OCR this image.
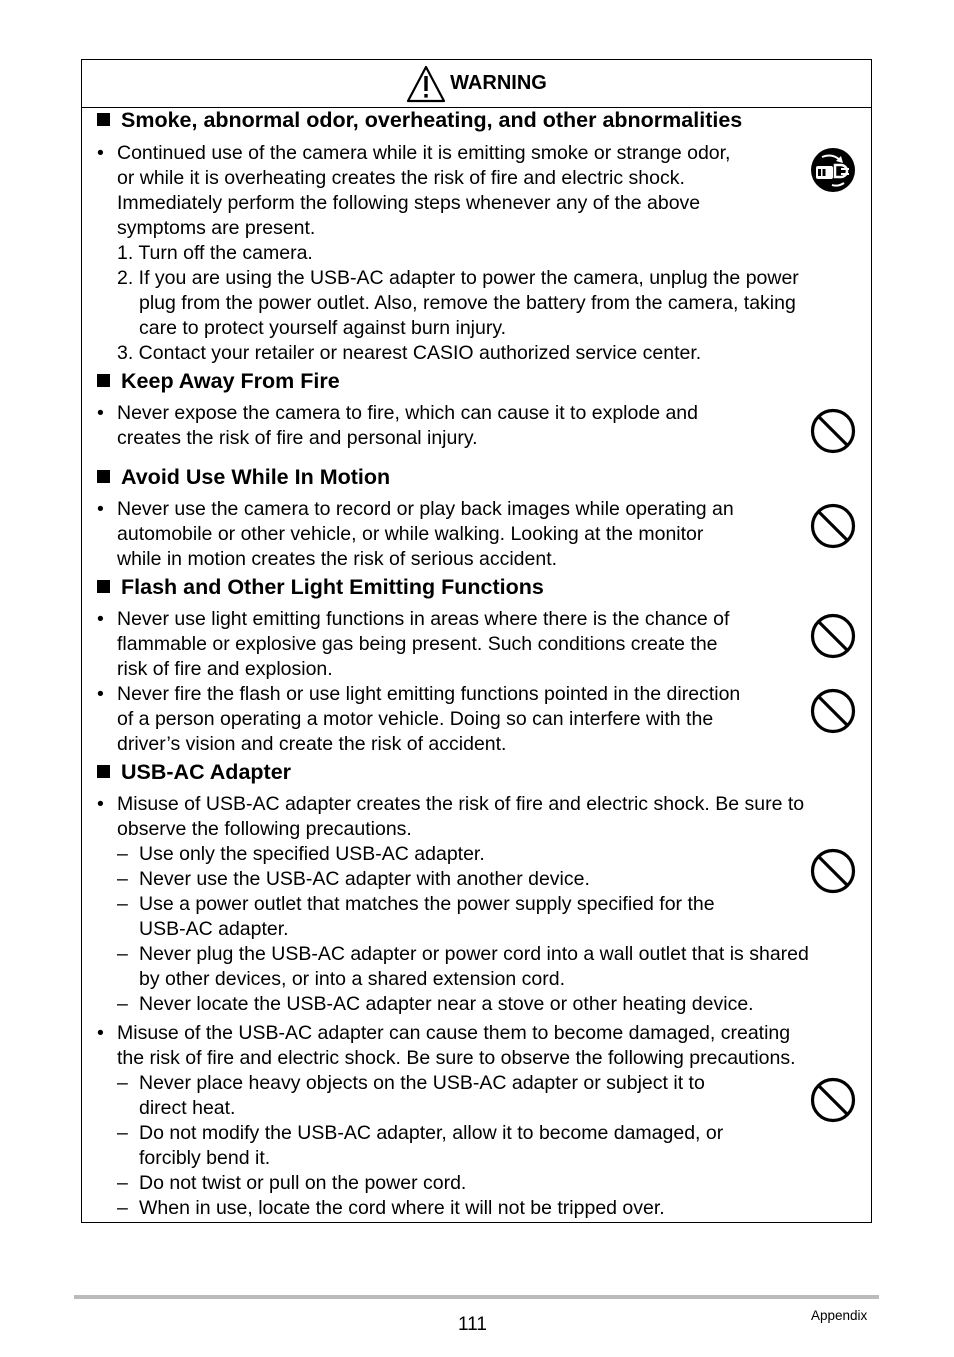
WARNING
Smoke, abnormal odor, overheating, and other abnormalities
• Continued use of the camera while it is emitting smoke or strange odor,
or while it is overheating creates the risk of fire and electric shock.
Immediately perform the following steps whenever any of the above
symptoms are present.
1. Turn off the camera.
2. If you are using the USB-AC adapter to power the camera, unplug the power
plug from the power outlet. Also, remove the battery from the camera, taking
care to protect yourself against burn injury.
3. Contact your retailer or nearest CASIO authorized service center.
Keep Away From Fire
• Never expose the camera to fire, which can cause it to explode and
creates the risk of fire and personal injury.
Avoid Use While In Motion
• Never use the camera to record or play back images while operating an
automobile or other vehicle, or while walking. Looking at the monitor
while in motion creates the risk of serious accident.
Flash and Other Light Emitting Functions
• Never use light emitting functions in areas where there is the chance of
flammable or explosive gas being present. Such conditions create the
risk of fire and explosion.
• Never fire the flash or use light emitting functions pointed in the direction
of a person operating a motor vehicle. Doing so can interfere with the
driver’s vision and create the risk of accident.
USB-AC Adapter
• Misuse of USB-AC adapter creates the risk of fire and electric shock. Be sure to
observe the following precautions.
– Use only the specified USB-AC adapter.
– Never use the USB-AC adapter with another device.
– Use a power outlet that matches the power supply specified for the
USB-AC adapter.
– Never plug the USB-AC adapter or power cord into a wall outlet that is shared
by other devices, or into a shared extension cord.
– Never locate the USB-AC adapter near a stove or other heating device.
• Misuse of the USB-AC adapter can cause them to become damaged, creating
the risk of fire and electric shock. Be sure to observe the following precautions.
– Never place heavy objects on the USB-AC adapter or subject it to
direct heat.
– Do not modify the USB-AC adapter, allow it to become damaged, or
forcibly bend it.
– Do not twist or pull on the power cord.
– When in use, locate the cord where it will not be tripped over.
111	Appendix
